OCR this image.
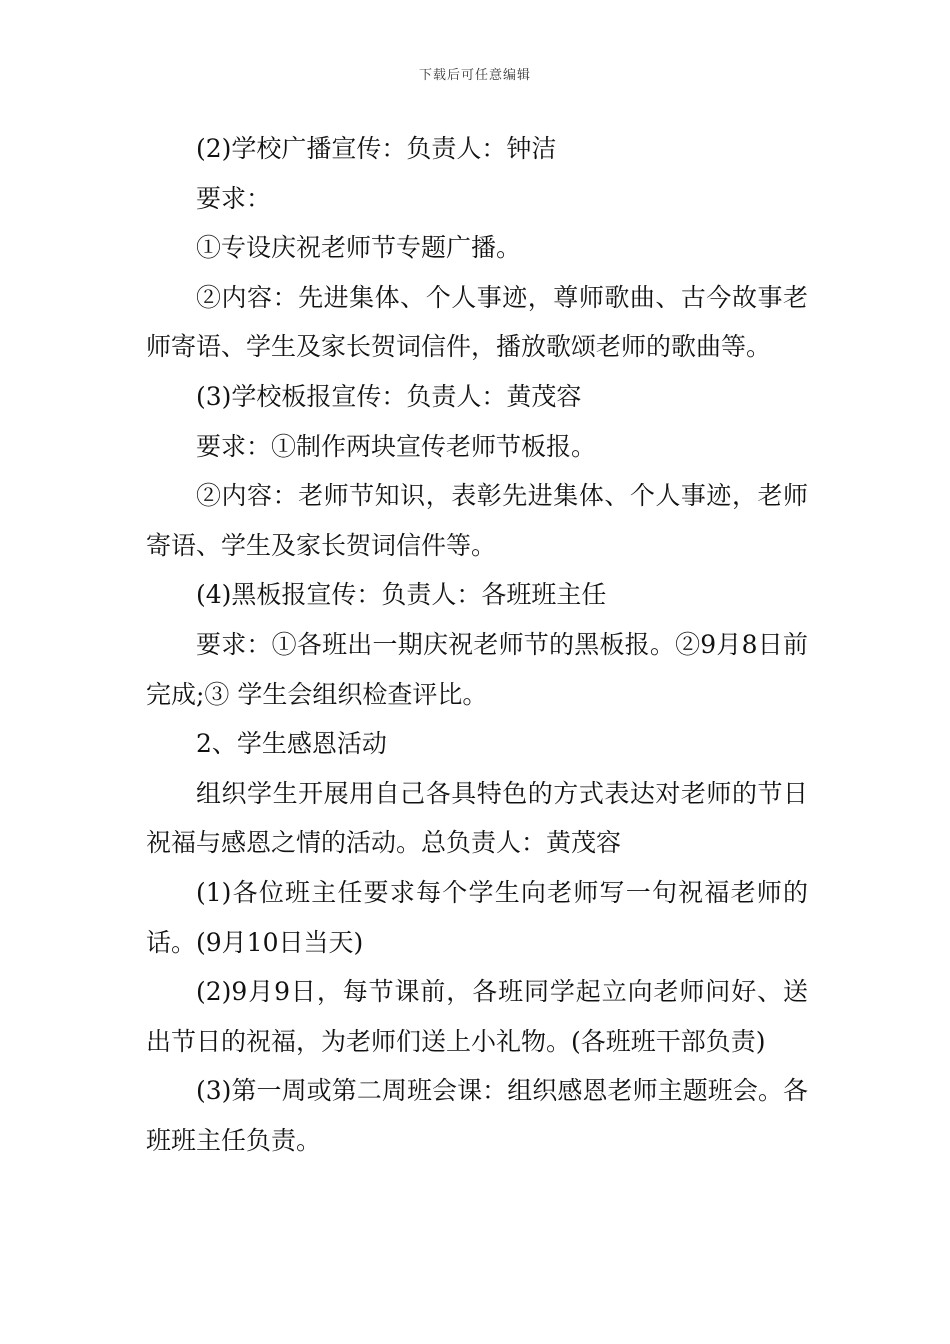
下载后可任意编辑

(2)学校广播宣传：负责人：钟洁

要求：

①专设庆祝老师节专题广播。

②内容：先进集体、个人事迹，尊师歌曲、古今故事老师寄语、学生及家长贺词信件，播放歌颂老师的歌曲等。

(3)学校板报宣传：负责人：黄茂容

要求：①制作两块宣传老师节板报。

②内容：老师节知识，表彰先进集体、个人事迹，老师寄语、学生及家长贺词信件等。

(4)黑板报宣传：负责人：各班班主任

要求：①各班出一期庆祝老师节的黑板报。②9月8日前完成;③ 学生会组织检查评比。

2、学生感恩活动

组织学生开展用自己各具特色的方式表达对老师的节日祝福与感恩之情的活动。总负责人：黄茂容

(1)各位班主任要求每个学生向老师写一句祝福老师的话。(9月10日当天)

(2)9月9日，每节课前，各班同学起立向老师问好、送出节日的祝福，为老师们送上小礼物。(各班班干部负责)

(3)第一周或第二周班会课：组织感恩老师主题班会。各班班主任负责。
